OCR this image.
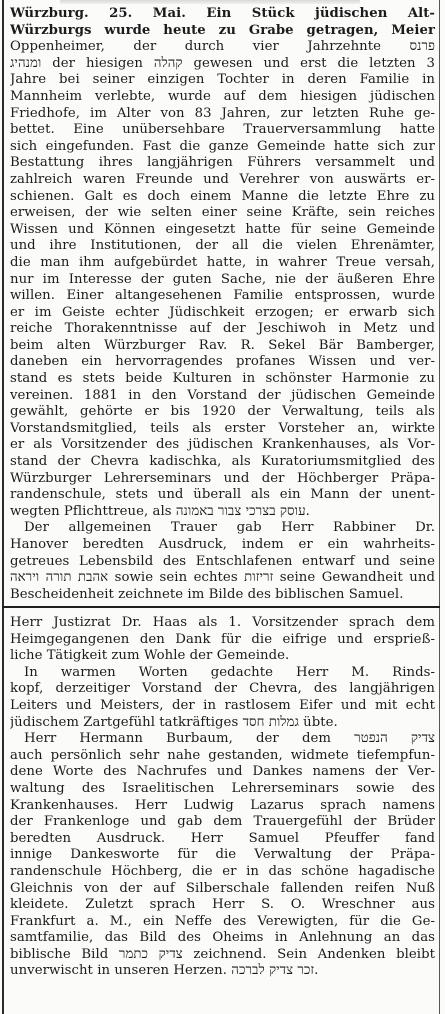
Würzburg. 25. Mai. Ein Stück jüdischen Alt-
Würzburgs wurde heute zu Grabe getragen, Meier
Oppenheimer, der durch vier Jahrzehnte פרנס
ומנהיג der hiesigen קהלה gewesen und erst die letzten 3
Jahre bei seiner einzigen Tochter in deren Familie in
Mannheim verlebte, wurde auf dem hiesigen jüdischen
Friedhofe, im Alter von 83 Jahren, zur letzten Ruhe ge-
bettet. Eine unübersehbare Trauerversammlung hatte
sich eingefunden. Fast die ganze Gemeinde hatte sich zur
Bestattung ihres langjährigen Führers versammelt und
zahlreich waren Freunde und Verehrer von auswärts er-
schienen. Galt es doch einem Manne die letzte Ehre zu
erweisen, der wie selten einer seine Kräfte, sein reiches
Wissen und Können eingesetzt hatte für seine Gemeinde
und ihre Institutionen, der all die vielen Ehrenämter,
die man ihm aufgebürdet hatte, in wahrer Treue versah,
nur im Interesse der guten Sache, nie der äußeren Ehre
willen. Einer altangesehenen Familie entsprossen, wurde
er im Geiste echter Jüdischkeit erzogen; er erwarb sich
reiche Thorakenntnisse auf der Jeschiwoh in Metz und
beim alten Würzburger Rav. R. Sekel Bär Bamberger,
daneben ein hervorragendes profanes Wissen und ver-
stand es stets beide Kulturen in schönster Harmonie zu
vereinen. 1881 in den Vorstand der jüdischen Gemeinde
gewählt, gehörte er bis 1920 der Verwaltung, teils als
Vorstandsmitglied, teils als erster Vorsteher an, wirkte
er als Vorsitzender des jüdischen Krankenhauses, als Vor-
stand der Chevra kadischka, als Kuratoriumsmitglied des
Würzburger Lehrerseminars und der Höchberger Präpa-
randenschule, stets und überall als ein Mann der unent-
wegten Pflichttreue, als עוסק בצרכי צבור באמונה.
Der allgemeinen Trauer gab Herr Rabbiner Dr.
Hanover beredten Ausdruck, indem er ein wahrheits-
getreues Lebensbild des Entschlafenen entwarf und seine
אהבת תורה ויראה sowie sein echtes זריזות seine Gewandheit und
Bescheidenheit zeichnete im Bilde des biblischen Samuel.
Herr Justizrat Dr. Haas als 1. Vorsitzender sprach dem
Heimgegangenen den Dank für die eifrige und ersprieß-
liche Tätigkeit zum Wohle der Gemeinde.
In warmen Worten gedachte Herr M. Rinds-
kopf, derzeitiger Vorstand der Chevra, des langjährigen
Leiters und Meisters, der in rastlosem Eifer und mit echt
jüdischem Zartgefühl tatkräftiges גמלות חסד übte.
Herr Hermann Burbaum, der dem צדיק הנפטר
auch persönlich sehr nahe gestanden, widmete tiefempfun-
dene Worte des Nachrufes und Dankes namens der Ver-
waltung des Israelitischen Lehrerseminars sowie des
Krankenhauses. Herr Ludwig Lazarus sprach namens
der Frankenloge und gab dem Trauergefühl der Brüder
beredten Ausdruck. Herr Samuel Pfeuffer fand
innige Dankesworte für die Verwaltung der Präpa-
randenschule Höchberg, die er in das schöne hagadische
Gleichnis von der auf Silberschale fallenden reifen Nuß
kleidete. Zuletzt sprach Herr S. O. Wreschner aus
Frankfurt a. M., ein Neffe des Verewigten, für die Ge-
samtfamilie, das Bild des Oheims in Anlehnung an das
biblische Bild צדיק כתמר zeichnend. Sein Andenken bleibt
unverwischt in unseren Herzen. זכר צדיק לברכה.
